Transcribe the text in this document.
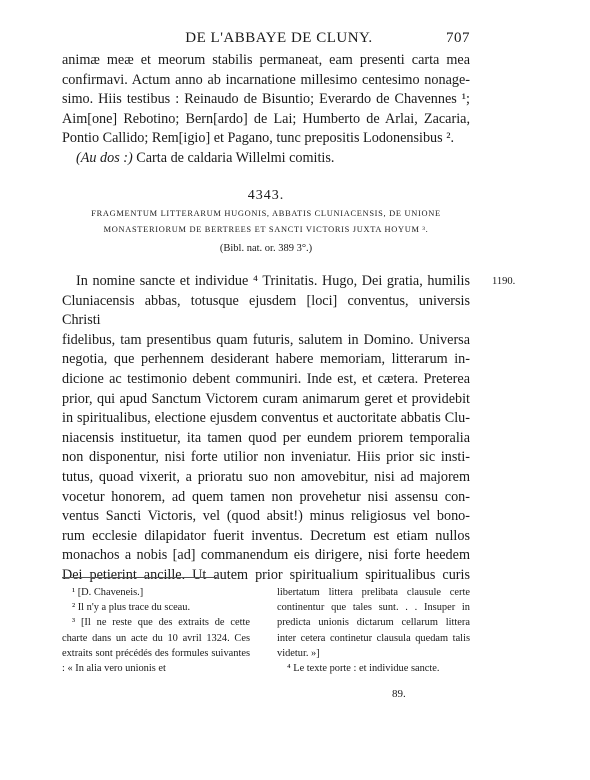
DE L'ABBAYE DE CLUNY.	707

animæ meæ et meorum stabilis permaneat, eam presenti carta mea

confirmavi. Actum anno ab incarnatione millesimo centesimo nonage-

simo. Hiis testibus : Reinaudo de Bisuntio; Everardo de Chavennes ¹;

Aim[one] Rebotino; Bern[ardo] de Lai; Humberto de Arlai, Zacaria,

Pontio Callido; Rem[igio] et Pagano, tunc prepositis Lodonensibus ².

(Au dos :) Carta de caldaria Willelmi comitis.

4343.
FRAGMENTUM LITTERARUM HUGONIS, ABBATIS CLUNIACENSIS, DE UNIONE
MONASTERIORUM DE BERTREES ET SANCTI VICTORIS JUXTA HOYUM ³.
(Bibl. nat. or. 389 3°.)
1190.

In nomine sancte et individue ⁴ Trinitatis. Hugo, Dei gratia, humilis

Cluniacensis abbas, totusque ejusdem [loci] conventus, universis Christi

fidelibus, tam presentibus quam futuris, salutem in Domino. Universa

negotia, que perhennem desiderant habere memoriam, litterarum in-

dicione ac testimonio debent communiri. Inde est, et cætera. Preterea

prior, qui apud Sanctum Victorem curam animarum geret et providebit

in spiritualibus, electione ejusdem conventus et auctoritate abbatis Clu-

niacensis instituetur, ita tamen quod per eundem priorem temporalia

non disponentur, nisi forte utilior non inveniatur. Hiis prior sic insti-

tutus, quoad vixerit, a prioratu suo non amovebitur, nisi ad majorem

vocetur honorem, ad quem tamen non provehetur nisi assensu con-

ventus Sancti Victoris, vel (quod absit!) minus religiosus vel bono-

rum ecclesie dilapidator fuerit inventus. Decretum est etiam nullos

monachos a nobis [ad] commanendum eis dirigere, nisi forte heedem

Dei petierint ancille. Ut autem prior spiritualium spiritualibus curis

¹ [D. Chaveneis.]

² Il n'y a plus trace du sceau.

³ [Il ne reste que des extraits de cette charte dans un acte du 10 avril 1324. Ces extraits sont précédés des formules suivantes : « In alia vero unionis et

libertatum littera prelibata clausule certe continentur que tales sunt. . . Insuper in predicta unionis dictarum cellarum littera inter cetera continetur clausula quedam talis videtur. »]

⁴ Le texte porte : et individue sancte.

89.
